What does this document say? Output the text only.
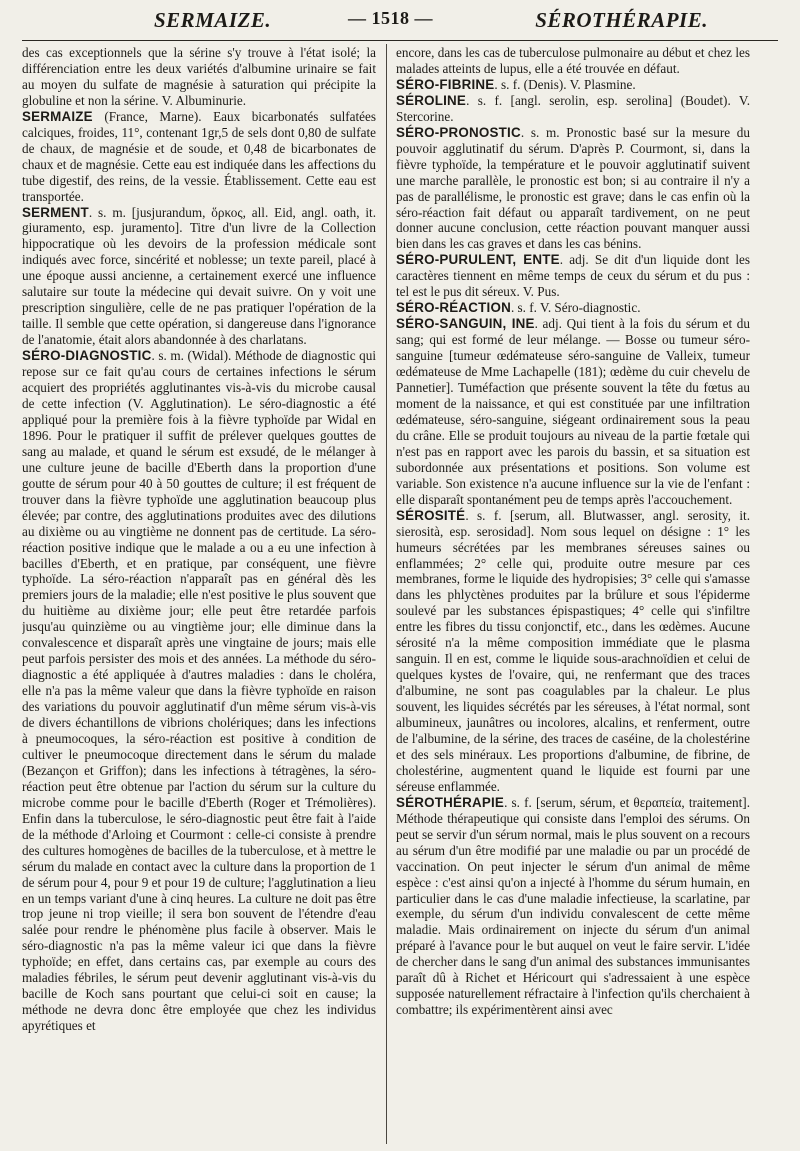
SERMAIZE.	— 1518 —	SÉROTHÉRAPIE.

des cas exceptionnels que la sérine s'y trouve à l'état isolé; la différenciation entre les deux variétés d'albumine urinaire se fait au moyen du sulfate de magnésie à saturation qui précipite la globuline et non la sérine. V. Albuminurie.

SERMAIZE (France, Marne). Eaux bicarbonatés sulfatées calciques, froides, 11°, contenant 1gr,5 de sels dont 0,80 de sulfate de chaux, de magnésie et de soude, et 0,48 de bicarbonates de chaux et de magnésie. Cette eau est indiquée dans les affections du tube digestif, des reins, de la vessie. Établissement. Cette eau est transportée.

SERMENT. s. m. [jusjurandum, ὅρκος, all. Eid, angl. oath, it. giuramento, esp. juramento]. Titre d'un livre de la Collection hippocratique où les devoirs de la profession médicale sont indiqués avec force, sincérité et noblesse; un texte pareil, placé à une époque aussi ancienne, a certainement exercé une influence salutaire sur toute la médecine qui devait suivre. On y voit une prescription singulière, celle de ne pas pratiquer l'opération de la taille. Il semble que cette opération, si dangereuse dans l'ignorance de l'anatomie, était alors abandonnée à des charlatans.

SÉRO-DIAGNOSTIC. s. m. (Widal). Méthode de diagnostic qui repose sur ce fait qu'au cours de certaines infections le sérum acquiert des propriétés agglutinantes vis-à-vis du microbe causal de cette infection (V. Agglutination). Le séro-diagnostic a été appliqué pour la première fois à la fièvre typhoïde par Widal en 1896. Pour le pratiquer il suffit de prélever quelques gouttes de sang au malade, et quand le sérum est exsudé, de le mélanger à une culture jeune de bacille d'Eberth dans la proportion d'une goutte de sérum pour 40 à 50 gouttes de culture; il est fréquent de trouver dans la fièvre typhoïde une agglutination beaucoup plus élevée; par contre, des agglutinations produites avec des dilutions au dixième ou au vingtième ne donnent pas de certitude. La séro-réaction positive indique que le malade a ou a eu une infection à bacilles d'Eberth, et en pratique, par conséquent, une fièvre typhoïde. La séro-réaction n'apparaît pas en général dès les premiers jours de la maladie; elle n'est positive le plus souvent que du huitième au dixième jour; elle peut être retardée parfois jusqu'au quinzième ou au vingtième jour; elle diminue dans la convalescence et disparaît après une vingtaine de jours; mais elle peut parfois persister des mois et des années. La méthode du séro-diagnostic a été appliquée à d'autres maladies : dans le choléra, elle n'a pas la même valeur que dans la fièvre typhoïde en raison des variations du pouvoir agglutinatif d'un même sérum vis-à-vis de divers échantillons de vibrions cholériques; dans les infections à pneumocoques, la séro-réaction est positive à condition de cultiver le pneumocoque directement dans le sérum du malade (Bezançon et Griffon); dans les infections à tétragènes, la séro-réaction peut être obtenue par l'action du sérum sur la culture du microbe comme pour le bacille d'Eberth (Roger et Trémolières). Enfin dans la tuberculose, le séro-diagnostic peut être fait à l'aide de la méthode d'Arloing et Courmont : celle-ci consiste à prendre des cultures homogènes de bacilles de la tuberculose, et à mettre le sérum du malade en contact avec la culture dans la proportion de 1 de sérum pour 4, pour 9 et pour 19 de culture; l'agglutination a lieu en un temps variant d'une à cinq heures. La culture ne doit pas être trop jeune ni trop vieille; il sera bon souvent de l'étendre d'eau salée pour rendre le phénomène plus facile à observer. Mais le séro-diagnostic n'a pas la même valeur ici que dans la fièvre typhoïde; en effet, dans certains cas, par exemple au cours des maladies fébriles, le sérum peut devenir agglutinant vis-à-vis du bacille de Koch sans pourtant que celui-ci soit en cause; la méthode ne devra donc être employée que chez les individus apyrétiques et

encore, dans les cas de tuberculose pulmonaire au début et chez les malades atteints de lupus, elle a été trouvée en défaut.

SÉRO-FIBRINE. s. f. (Denis). V. Plasmine.

SÉROLINE. s. f. [angl. serolin, esp. serolina] (Boudet). V. Stercorine.

SÉRO-PRONOSTIC. s. m. Pronostic basé sur la mesure du pouvoir agglutinatif du sérum. D'après P. Courmont, si, dans la fièvre typhoïde, la température et le pouvoir agglutinatif suivent une marche parallèle, le pronostic est bon; si au contraire il n'y a pas de parallélisme, le pronostic est grave; dans le cas enfin où la séro-réaction fait défaut ou apparaît tardivement, on ne peut donner aucune conclusion, cette réaction pouvant manquer aussi bien dans les cas graves et dans les cas bénins.

SÉRO-PURULENT, ENTE. adj. Se dit d'un liquide dont les caractères tiennent en même temps de ceux du sérum et du pus : tel est le pus dit séreux. V. Pus.

SÉRO-RÉACTION. s. f. V. Séro-diagnostic.

SÉRO-SANGUIN, INE. adj. Qui tient à la fois du sérum et du sang; qui est formé de leur mélange. — Bosse ou tumeur séro-sanguine [tumeur œdémateuse séro-sanguine de Valleix, tumeur œdémateuse de Mme Lachapelle (181); œdème du cuir chevelu de Pannetier]. Tuméfaction que présente souvent la tête du fœtus au moment de la naissance, et qui est constituée par une infiltration œdémateuse, séro-sanguine, siégeant ordinairement sous la peau du crâne. Elle se produit toujours au niveau de la partie fœtale qui n'est pas en rapport avec les parois du bassin, et sa situation est subordonnée aux présentations et positions. Son volume est variable. Son existence n'a aucune influence sur la vie de l'enfant : elle disparaît spontanément peu de temps après l'accouchement.

SÉROSITÉ. s. f. [serum, all. Blutwasser, angl. serosity, it. sierosità, esp. serosidad]. Nom sous lequel on désigne : 1° les humeurs sécrétées par les membranes séreuses saines ou enflammées; 2° celle qui, produite outre mesure par ces membranes, forme le liquide des hydropisies; 3° celle qui s'amasse dans les phlyctènes produites par la brûlure et sous l'épiderme soulevé par les substances épispastiques; 4° celle qui s'infiltre entre les fibres du tissu conjonctif, etc., dans les œdèmes. Aucune sérosité n'a la même composition immédiate que le plasma sanguin. Il en est, comme le liquide sous-arachnoïdien et celui de quelques kystes de l'ovaire, qui, ne renfermant que des traces d'albumine, ne sont pas coagulables par la chaleur. Le plus souvent, les liquides sécrétés par les séreuses, à l'état normal, sont albumineux, jaunâtres ou incolores, alcalins, et renferment, outre de l'albumine, de la sérine, des traces de caséine, de la cholestérine et des sels minéraux. Les proportions d'albumine, de fibrine, de cholestérine, augmentent quand le liquide est fourni par une séreuse enflammée.

SÉROTHÉRAPIE. s. f. [serum, sérum, et θεραπεία, traitement]. Méthode thérapeutique qui consiste dans l'emploi des sérums. On peut se servir d'un sérum normal, mais le plus souvent on a recours au sérum d'un être modifié par une maladie ou par un procédé de vaccination. On peut injecter le sérum d'un animal de même espèce : c'est ainsi qu'on a injecté à l'homme du sérum humain, en particulier dans le cas d'une maladie infectieuse, la scarlatine, par exemple, du sérum d'un individu convalescent de cette même maladie. Mais ordinairement on injecte du sérum d'un animal préparé à l'avance pour le but auquel on veut le faire servir. L'idée de chercher dans le sang d'un animal des substances immunisantes paraît dû à Richet et Héricourt qui s'adressaient à une espèce supposée naturellement réfractaire à l'infection qu'ils cherchaient à combattre; ils expérimentèrent ainsi avec
